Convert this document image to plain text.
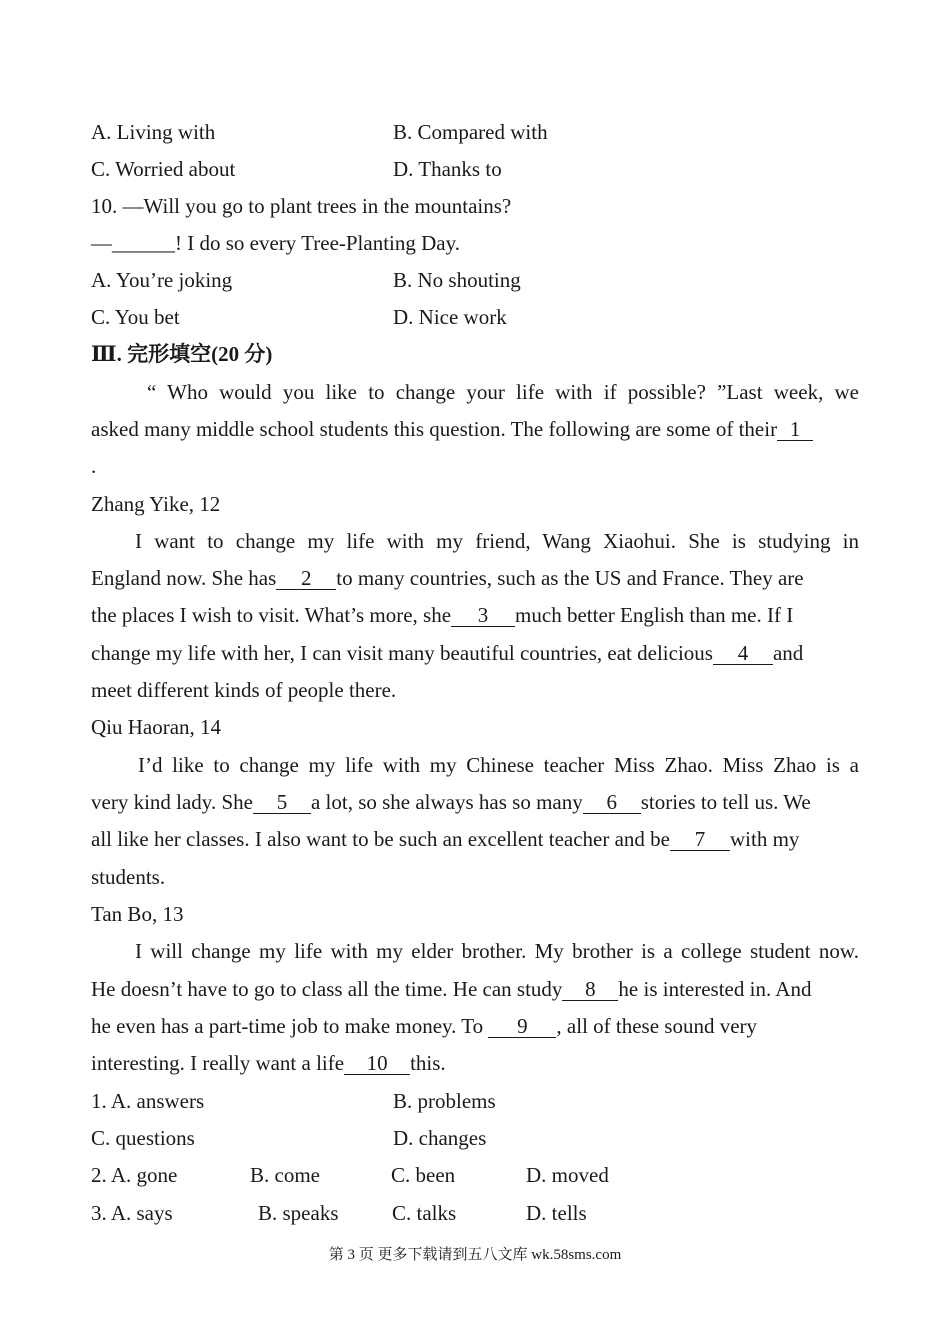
A. Living with	B. Compared with
C. Worried about	D. Thanks to
10. —Will you go to plant trees in the mountains?
—______! I do so every Tree-Planting Day.
A. You’re joking	B. No shouting
C. You bet	D. Nice work
Ⅲ. 完形填空(20 分)
“ Who would you like to change your life with if possible? ”Last week, we
asked many middle school students this question. The following are some of their 1
.
Zhang Yike, 12
I want to change my life with my friend, Wang Xiaohui. She is studying in
England now. She has 2 to many countries, such as the US and France. They are
the places I wish to visit. What’s more, she 3 much better English than me. If I
change my life with her, I can visit many beautiful countries, eat delicious 4 and
meet different kinds of people there.
Qiu Haoran, 14
I’d like to change my life with my Chinese teacher Miss Zhao. Miss Zhao is a
very kind lady. She 5 a lot, so she always has so many 6 stories to tell us. We
all like her classes. I also want to be such an excellent teacher and be 7 with my
students.
Tan Bo, 13
I will change my life with my elder brother. My brother is a college student now.
He doesn’t have to go to class all the time. He can study 8 he is interested in. And
he even has a part-time job to make money. To 9 , all of these sound very
interesting. I really want a life 10 this.
1. A. answers	B. problems
C. questions	D. changes
2. A. gone	B. come	C. been	D. moved
3. A. says	B. speaks	C. talks	D. tells
第 3 页 更多下载请到五八文库 wk.58sms.com
